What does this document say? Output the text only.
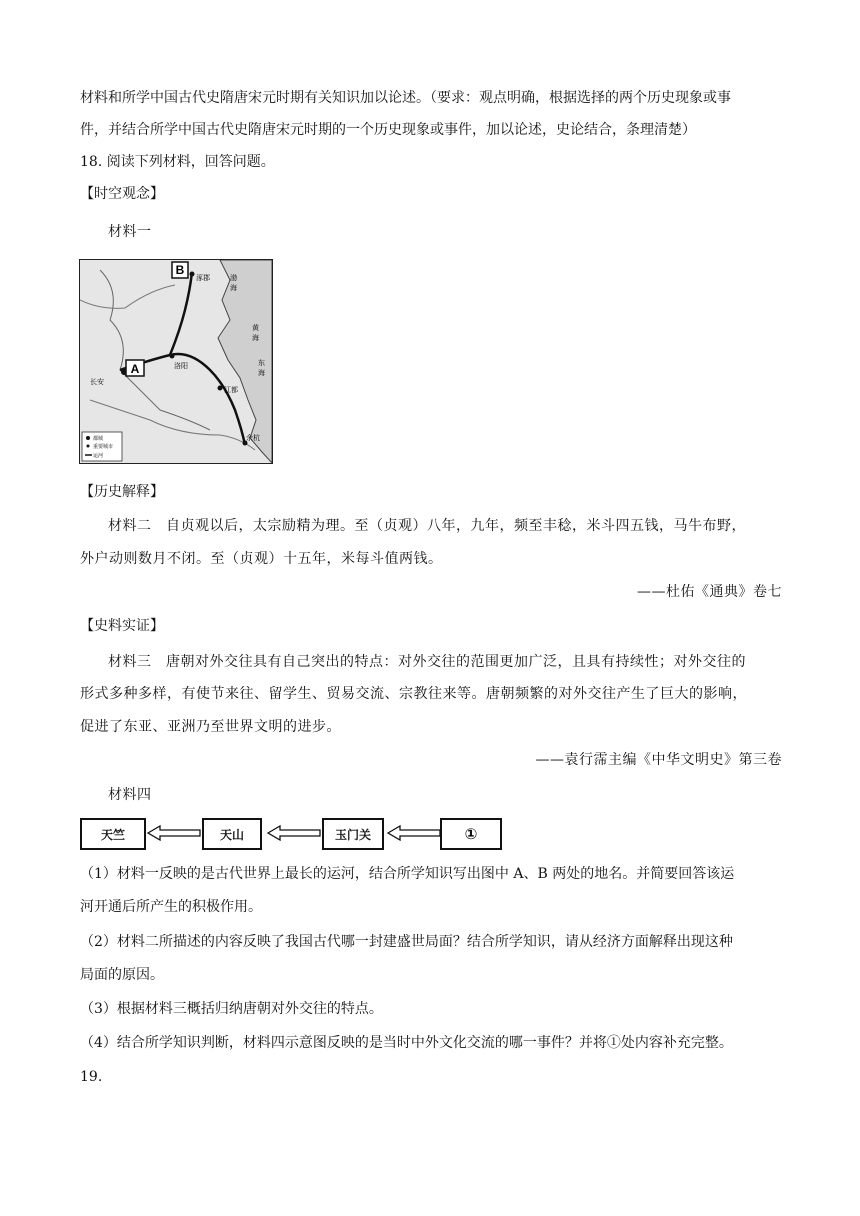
材料和所学中国古代史隋唐宋元时期有关知识加以论述。（要求：观点明确，根据选择的两个历史现象或事
件，并结合所学中国古代史隋唐宋元时期的一个历史现象或事件，加以论述，史论结合，条理清楚）
18. 阅读下列材料，回答问题。
【时空观念】
材料一
A
B
长安
洛阳
江都
余杭
涿郡	渤
海
黄
海
东
海
都城
重要城市
运河
【历史解释】
材料二　自贞观以后，太宗励精为理。至（贞观）八年，九年，频至丰稔，米斗四五钱，马牛布野，
外户动则数月不闭。至（贞观）十五年，米每斗值两钱。
——杜佑《通典》卷七
【史料实证】
材料三　唐朝对外交往具有自己突出的特点：对外交往的范围更加广泛，且具有持续性；对外交往的
形式多种多样，有使节来往、留学生、贸易交流、宗教往来等。唐朝频繁的对外交往产生了巨大的影响，
促进了东亚、亚洲乃至世界文明的进步。
——袁行霈主编《中华文明史》第三卷
材料四
天竺	天山	玉门关	①
（1）材料一反映的是古代世界上最长的运河，结合所学知识写出图中 A、B 两处的地名。并简要回答该运
河开通后所产生的积极作用。
（2）材料二所描述的内容反映了我国古代哪一封建盛世局面？结合所学知识，请从经济方面解释出现这种
局面的原因。
（3）根据材料三概括归纳唐朝对外交往的特点。
（4）结合所学知识判断，材料四示意图反映的是当时中外文化交流的哪一事件？并将①处内容补充完整。
19.
